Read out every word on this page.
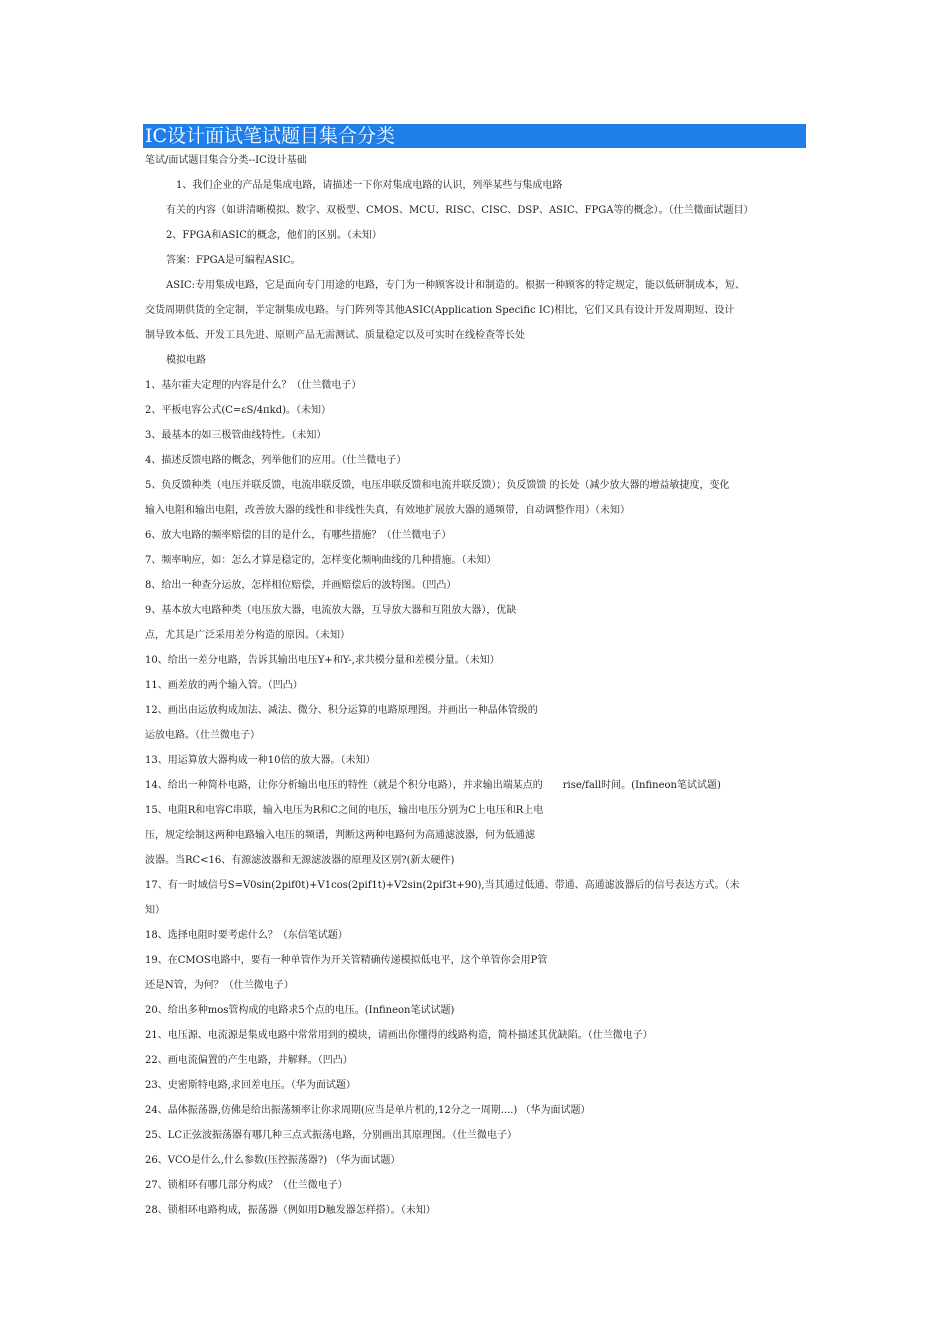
IC设计面试笔试题目集合分类
笔试/面试题目集合分类--IC设计基础
1、我们企业的产品是集成电路，请描述一下你对集成电路的认识，列举某些与集成电路
有关的内容（如讲清晰模拟、数字、双极型、CMOS、MCU、RISC、CISC、DSP、ASIC、FPGA等的概念）。（仕兰微面试题目）
2、FPGA和ASIC的概念，他们的区别。（未知）
答案：FPGA是可编程ASIC。
ASIC:专用集成电路，它是面向专门用途的电路，专门为一种顾客设计和制造的。根据一种顾客的特定规定，能以低研制成本，短、
交货周期供货的全定制，半定制集成电路。与门阵列等其他ASIC(Application Specific IC)相比，它们又具有设计开发周期短、设计
制导致本低、开发工具先进、原则产品无需测试、质量稳定以及可实时在线检查等长处
模拟电路
1、基尔霍夫定理的内容是什么？（仕兰微电子）
2、平板电容公式(C=εS/4πkd)。（未知）
3、最基本的如三极管曲线特性。（未知）
4、描述反馈电路的概念，列举他们的应用。（仕兰微电子）
5、负反馈种类（电压并联反馈，电流串联反馈，电压串联反馈和电流并联反馈）；负反馈馈 的长处（减少放大器的增益敏捷度，变化
输入电阻和输出电阻，改善放大器的线性和非线性失真，有效地扩展放大器的通频带，自动调整作用）（未知）
6、放大电路的频率赔偿的目的是什么，有哪些措施？（仕兰微电子）
7、频率响应，如：怎么才算是稳定的，怎样变化频响曲线的几种措施。（未知）
8、给出一种查分运放，怎样相位赔偿，并画赔偿后的波特图。（凹凸）
9、基本放大电路种类（电压放大器，电流放大器，互导放大器和互阻放大器），优缺
点，尤其是广泛采用差分构造的原因。（未知）
10、给出一差分电路，告诉其输出电压Y+和Y-,求共模分量和差模分量。（未知）
11、画差放的两个输入管。（凹凸）
12、画出由运放构成加法、减法、微分、积分运算的电路原理图。并画出一种晶体管级的
运放电路。（仕兰微电子）
13、用运算放大器构成一种10倍的放大器。（未知）
14、给出一种简朴电路，让你分析输出电压的特性（就是个积分电路），并求输出端某点的　　rise/fall时间。(Infineon笔试试题)
15、电阻R和电容C串联，输入电压为R和C之间的电压，输出电压分别为C上电压和R上电
压，规定绘制这两种电路输入电压的频谱，判断这两种电路何为高通滤波器，何为低通滤
波器。当RC<16、有源滤波器和无源滤波器的原理及区别?(新太硬件)
17、有一时域信号S=V0sin(2pif0t)+V1cos(2pif1t)+V2sin(2pif3t+90),当其通过低通、带通、高通滤波器后的信号表达方式。（未
知）
18、选择电阻时要考虑什么？（东信笔试题）
19、在CMOS电路中，要有一种单管作为开关管精确传递模拟低电平，这个单管你会用P管
还是N管，为何？（仕兰微电子）
20、给出多种mos管构成的电路求5个点的电压。(Infineon笔试试题)
21、电压源、电流源是集成电路中常常用到的模块，请画出你懂得的线路构造，简朴描述其优缺陷。（仕兰微电子）
22、画电流偏置的产生电路，并解释。（凹凸）
23、史密斯特电路,求回差电压。（华为面试题）
24、晶体振荡器,仿佛是给出振荡频率让你求周期(应当是单片机的,12分之一周期....) （华为面试题）
25、LC正弦波振荡器有哪几种三点式振荡电路，分别画出其原理图。（仕兰微电子）
26、VCO是什么,什么参数(压控振荡器?) （华为面试题）
27、锁相环有哪几部分构成？（仕兰微电子）
28、锁相环电路构成，振荡器（例如用D触发器怎样搭）。（未知）
